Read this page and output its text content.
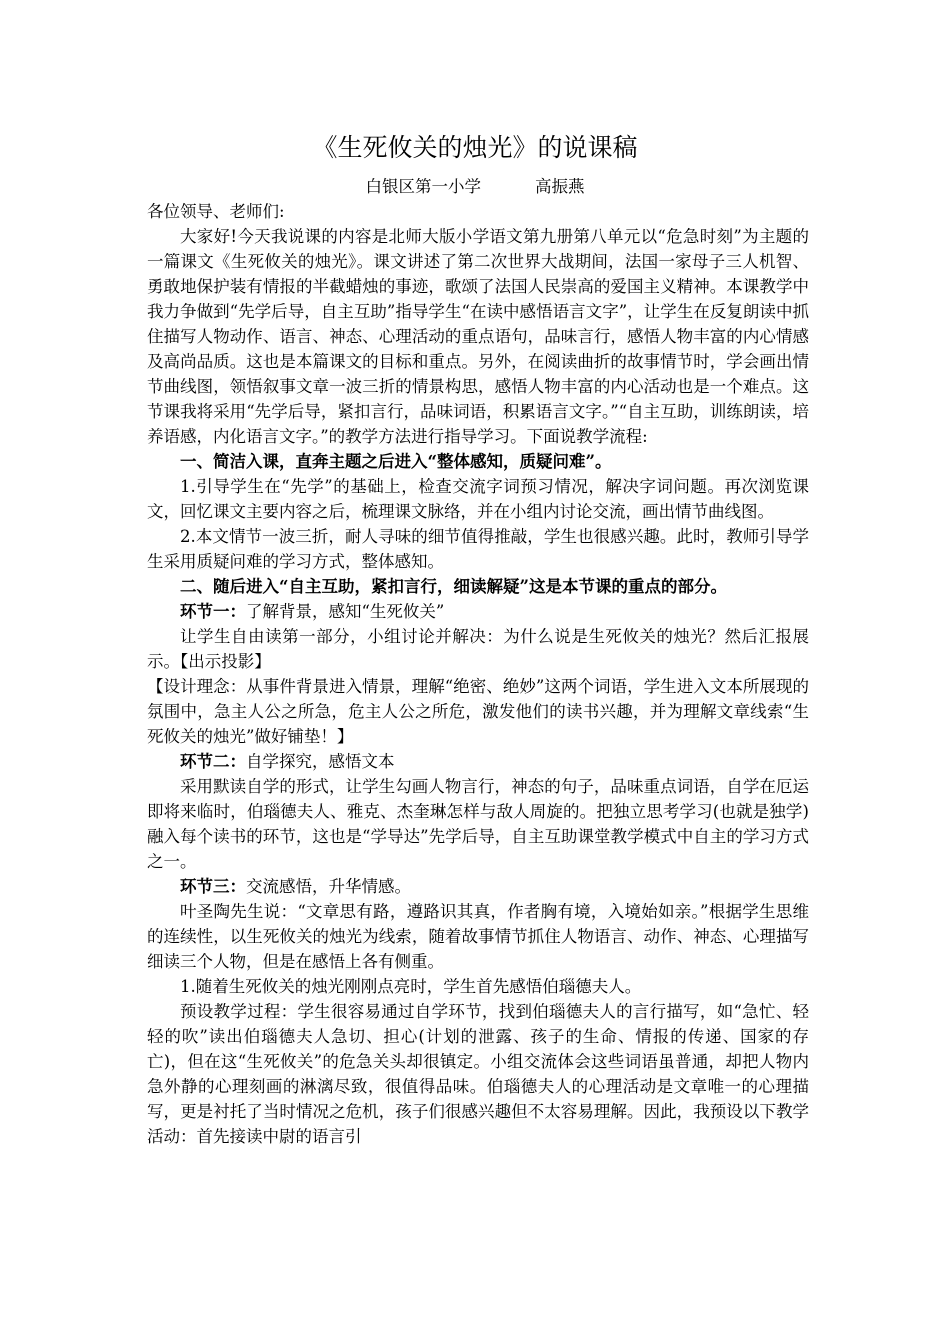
《生死攸关的烛光》的说课稿
白银区第一小学	高振燕

各位领导、老师们:

大家好!今天我说课的内容是北师大版小学语文第九册第八单元以“危急时刻”为主题的一篇课文《生死攸关的烛光》。课文讲述了第二次世界大战期间，法国一家母子三人机智、勇敢地保护装有情报的半截蜡烛的事迹，歌颂了法国人民崇高的爱国主义精神。本课教学中我力争做到“先学后导，自主互助”指导学生“在读中感悟语言文字”，让学生在反复朗读中抓住描写人物动作、语言、神态、心理活动的重点语句，品味言行，感悟人物丰富的内心情感及高尚品质。这也是本篇课文的目标和重点。另外，在阅读曲折的故事情节时，学会画出情节曲线图，领悟叙事文章一波三折的情景构思，感悟人物丰富的内心活动也是一个难点。这节课我将采用“先学后导，紧扣言行，品味词语，积累语言文字。”“自主互助，训练朗读，培养语感，内化语言文字。”的教学方法进行指导学习。下面说教学流程:

一、简洁入课，直奔主题之后进入“整体感知，质疑问难”。

1.引导学生在“先学”的基础上，检查交流字词预习情况，解决字词问题。再次浏览课文，回忆课文主要内容之后，梳理课文脉络，并在小组内讨论交流，画出情节曲线图。

2.本文情节一波三折，耐人寻味的细节值得推敲，学生也很感兴趣。此时，教师引导学生采用质疑问难的学习方式，整体感知。

二、随后进入“自主互助，紧扣言行，细读解疑”这是本节课的重点的部分。

环节一：了解背景，感知“生死攸关”

让学生自由读第一部分，小组讨论并解决：为什么说是生死攸关的烛光？然后汇报展示。【出示投影】

【设计理念：从事件背景进入情景，理解“绝密、绝妙”这两个词语，学生进入文本所展现的氛围中，急主人公之所急，危主人公之所危，激发他们的读书兴趣，并为理解文章线索“生死攸关的烛光”做好铺垫！】

环节二：自学探究，感悟文本

采用默读自学的形式，让学生勾画人物言行，神态的句子，品味重点词语，自学在厄运即将来临时，伯瑙德夫人、雅克、杰奎琳怎样与敌人周旋的。把独立思考学习(也就是独学)融入每个读书的环节，这也是“学导达”先学后导，自主互助课堂教学模式中自主的学习方式之一。

环节三：交流感悟，升华情感。

叶圣陶先生说：“文章思有路，遵路识其真，作者胸有境，入境始如亲。”根据学生思维的连续性，以生死攸关的烛光为线索，随着故事情节抓住人物语言、动作、神态、心理描写细读三个人物，但是在感悟上各有侧重。

1.随着生死攸关的烛光刚刚点亮时，学生首先感悟伯瑙德夫人。

预设教学过程：学生很容易通过自学环节，找到伯瑙德夫人的言行描写，如“急忙、轻轻的吹”读出伯瑙德夫人急切、担心(计划的泄露、孩子的生命、情报的传递、国家的存亡)，但在这“生死攸关”的危急关头却很镇定。小组交流体会这些词语虽普通，却把人物内急外静的心理刻画的淋漓尽致，很值得品味。伯瑙德夫人的心理活动是文章唯一的心理描写，更是衬托了当时情况之危机，孩子们很感兴趣但不太容易理解。因此，我预设以下教学活动：首先接读中尉的语言引
